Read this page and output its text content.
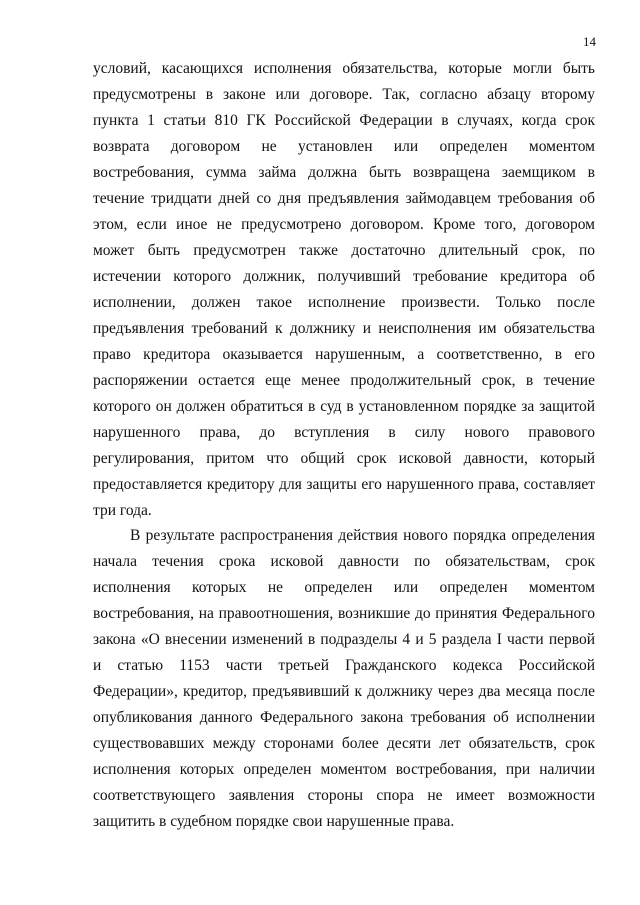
14
условий, касающихся исполнения обязательства, которые могли быть
предусмотрены в законе или договоре. Так, согласно абзацу второму
пункта 1 статьи 810 ГК Российской Федерации в случаях, когда срок
возврата договором не установлен или определен моментом
востребования, сумма займа должна быть возвращена заемщиком в
течение тридцати дней со дня предъявления займодавцем требования об
этом, если иное не предусмотрено договором. Кроме того, договором
может быть предусмотрен также достаточно длительный срок, по
истечении которого должник, получивший требование кредитора об
исполнении, должен такое исполнение произвести. Только после
предъявления требований к должнику и неисполнения им обязательства
право кредитора оказывается нарушенным, а соответственно, в его
распоряжении остается еще менее продолжительный срок, в течение
которого он должен обратиться в суд в установленном порядке за защитой
нарушенного права, до вступления в силу нового правового
регулирования, притом что общий срок исковой давности, который
предоставляется кредитору для защиты его нарушенного права, составляет
три года.
В результате распространения действия нового порядка определения
начала течения срока исковой давности по обязательствам, срок
исполнения которых не определен или определен моментом
востребования, на правоотношения, возникшие до принятия Федерального
закона «О внесении изменений в подразделы 4 и 5 раздела I части первой
и статью 1153 части третьей Гражданского кодекса Российской
Федерации», кредитор, предъявивший к должнику через два месяца после
опубликования данного Федерального закона требования об исполнении
существовавших между сторонами более десяти лет обязательств, срок
исполнения которых определен моментом востребования, при наличии
соответствующего заявления стороны спора не имеет возможности
защитить в судебном порядке свои нарушенные права.
